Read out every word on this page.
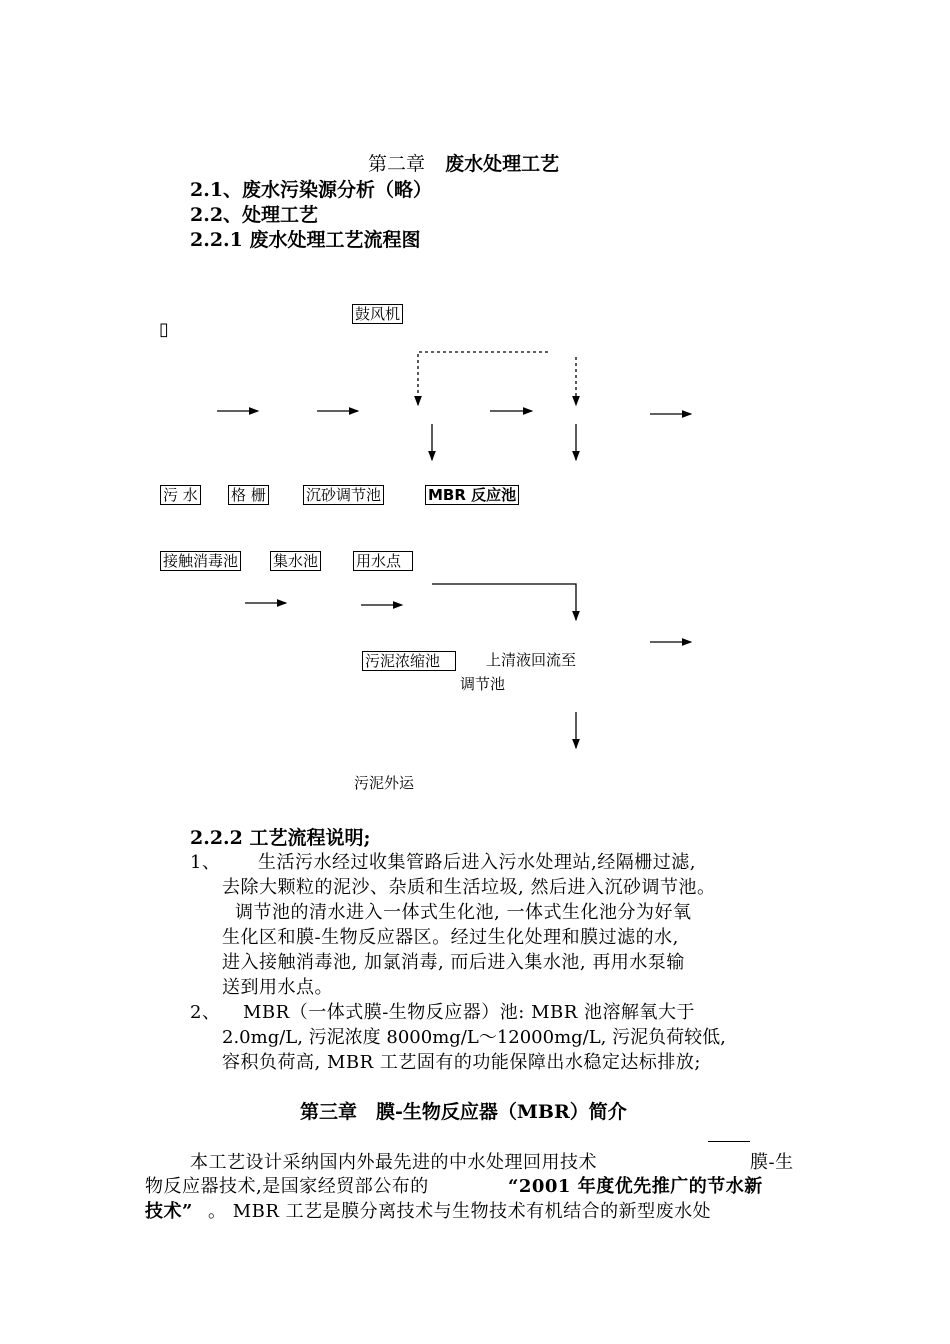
第二章 废水处理工艺
2.1、废水污染源分析（略）
2.2、处理工艺
2.2.1 废水处理工艺流程图
▯
鼓风机
污 水 格 栅	沉砂调节池	MBR 反应池
接触消毒池 集水池	用水点
污泥浓缩池	上清液回流至
调节池
污泥外运
2.2.2 工艺流程说明;
1、 生活污水经过收集管路后进入污水处理站,经隔栅过滤,
去除大颗粒的泥沙、杂质和生活垃圾, 然后进入沉砂调节池。
调节池的清水进入一体式生化池, 一体式生化池分为好氧
生化区和膜-生物反应器区。经过生化处理和膜过滤的水,
进入接触消毒池, 加氯消毒, 而后进入集水池, 再用水泵输
送到用水点。
2、 MBR（一体式膜-生物反应器）池: MBR 池溶解氧大于
2.0mg/L, 污泥浓度 8000mg/L～12000mg/L, 污泥负荷较低,
容积负荷高, MBR 工艺固有的功能保障出水稳定达标排放;
第三章　膜-生物反应器（MBR）简介
本工艺设计采纳国内外最先进的中水处理回用技术	膜-生
物反应器技术,是国家经贸部公布的	“2001 年度优先推广的节水新
技术” 。 MBR 工艺是膜分离技术与生物技术有机结合的新型废水处
